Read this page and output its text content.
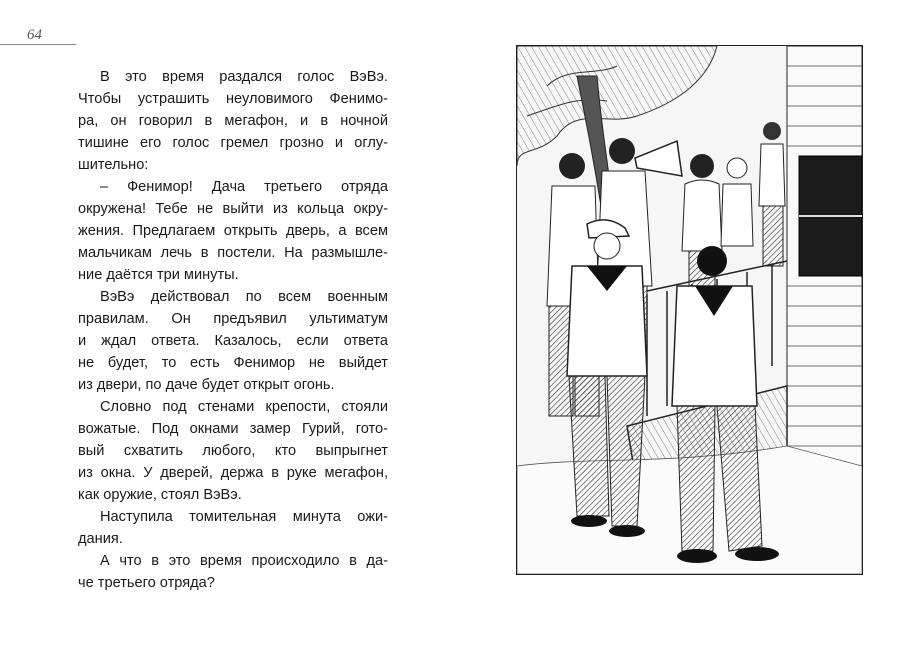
64

В это время раздался голос ВэВэ.
Чтобы устрашить неуловимого Фенимо-
ра, он говорил в мегафон, и в ночной
тишине его голос гремел грозно и оглу-
шительно:

– Фенимор! Дача третьего отряда
окружена! Тебе не выйти из кольца окру-
жения. Предлагаем открыть дверь, а всем
мальчикам лечь в постели. На размышле-
ние даётся три минуты.

ВэВэ действовал по всем военным
правилам. Он предъявил ультиматум
и ждал ответа. Казалось, если ответа
не будет, то есть Фенимор не выйдет
из двери, по даче будет открыт огонь.

Словно под стенами крепости, стояли
вожатые. Под окнами замер Гурий, гото-
вый схватить любого, кто выпрыгнет
из окна. У дверей, держа в руке мегафон,
как оружие, стоял ВэВэ.

Наступила томительная минута ожи-
дания.

А что в это время происходило в да-
че третьего отряда?
